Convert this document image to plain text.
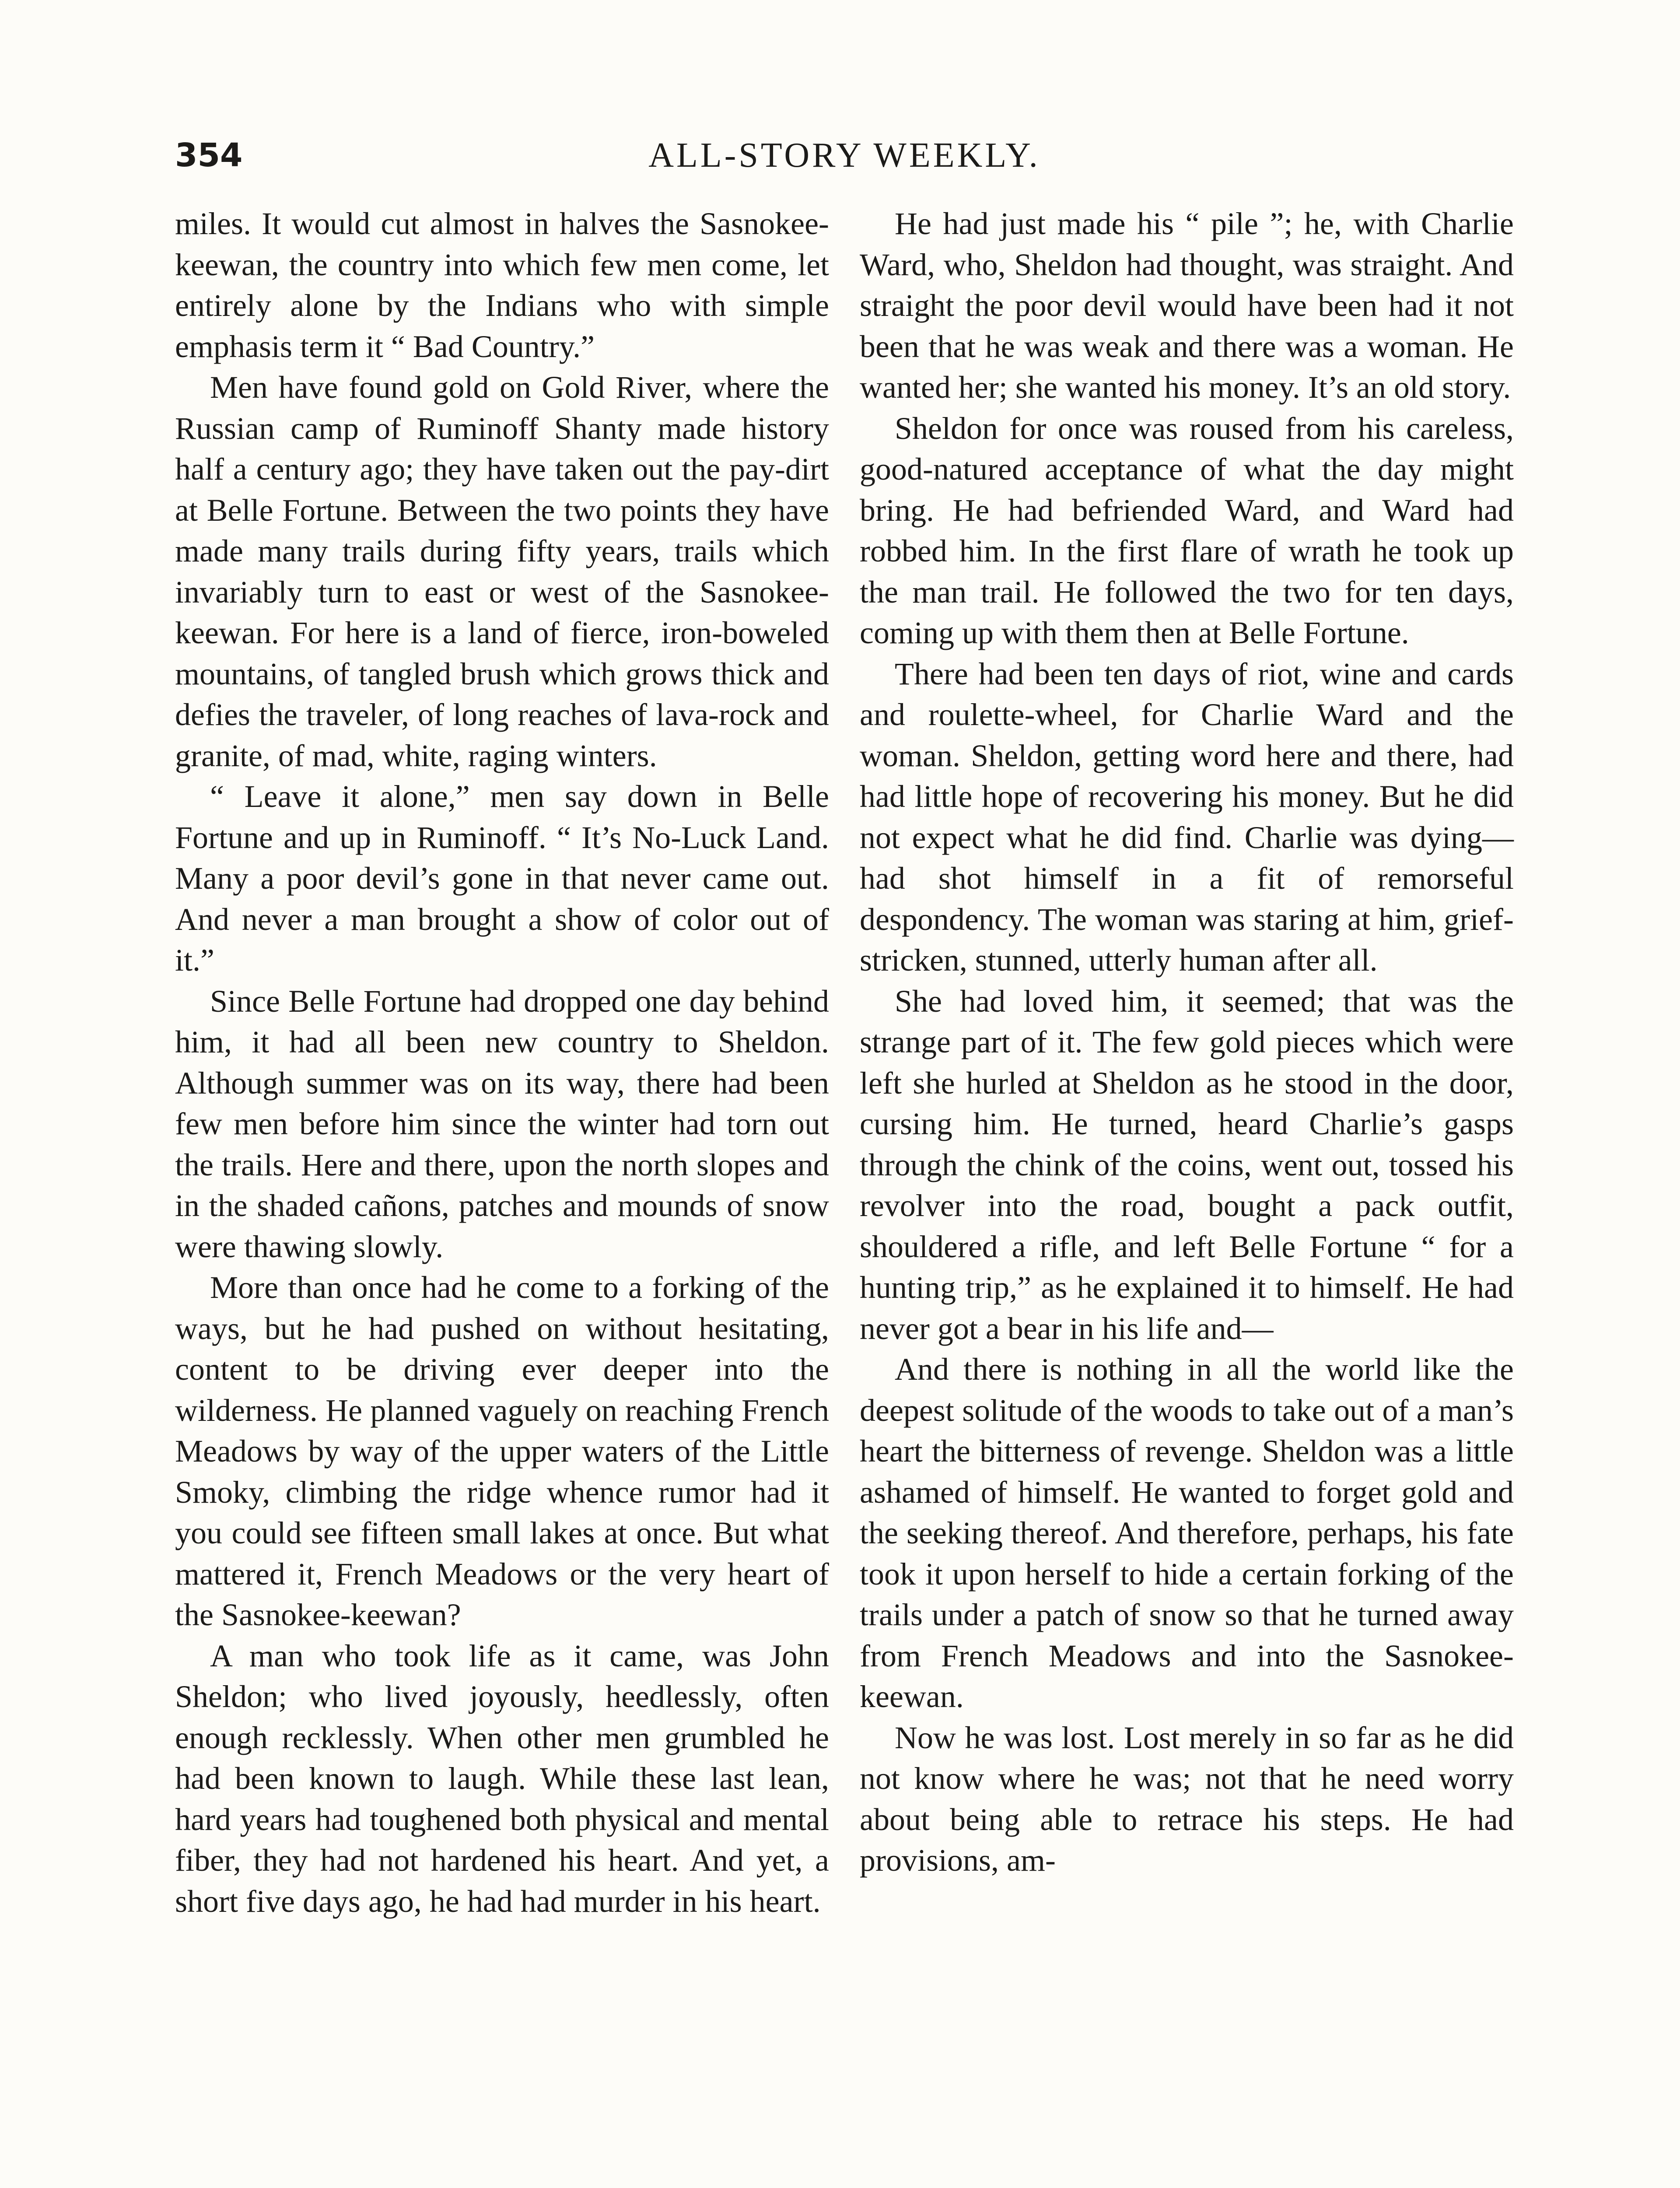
354	ALL-STORY WEEKLY.

miles. It would cut almost in halves the Sasnokee-keewan, the country into which few men come, let entirely alone by the Indians who with simple emphasis term it “ Bad Country.”

Men have found gold on Gold River, where the Russian camp of Ruminoff Shanty made history half a century ago; they have taken out the pay-dirt at Belle Fortune. Between the two points they have made many trails during fifty years, trails which invariably turn to east or west of the Sasnokee-keewan. For here is a land of fierce, iron-boweled mountains, of tangled brush which grows thick and defies the traveler, of long reaches of lava-rock and granite, of mad, white, raging winters.

“ Leave it alone,” men say down in Belle Fortune and up in Ruminoff. “ It’s No-Luck Land. Many a poor devil’s gone in that never came out. And never a man brought a show of color out of it.”

Since Belle Fortune had dropped one day behind him, it had all been new country to Sheldon. Although summer was on its way, there had been few men before him since the winter had torn out the trails. Here and there, upon the north slopes and in the shaded cañons, patches and mounds of snow were thawing slowly.

More than once had he come to a forking of the ways, but he had pushed on without hesitating, content to be driving ever deeper into the wilderness. He planned vaguely on reaching French Meadows by way of the upper waters of the Little Smoky, climbing the ridge whence rumor had it you could see fifteen small lakes at once. But what mattered it, French Meadows or the very heart of the Sasnokee-keewan?

A man who took life as it came, was John Sheldon; who lived joyously, heedlessly, often enough recklessly. When other men grumbled he had been known to laugh. While these last lean, hard years had toughened both physical and mental fiber, they had not hardened his heart. And yet, a short five days ago, he had had murder in his heart.

He had just made his “ pile ”; he, with Charlie Ward, who, Sheldon had thought, was straight. And straight the poor devil would have been had it not been that he was weak and there was a woman. He wanted her; she wanted his money. It’s an old story.

Sheldon for once was roused from his careless, good-natured acceptance of what the day might bring. He had befriended Ward, and Ward had robbed him. In the first flare of wrath he took up the man trail. He followed the two for ten days, coming up with them then at Belle Fortune.

There had been ten days of riot, wine and cards and roulette-wheel, for Charlie Ward and the woman. Sheldon, getting word here and there, had had little hope of recovering his money. But he did not expect what he did find. Charlie was dying—had shot himself in a fit of remorseful despondency. The woman was staring at him, grief-stricken, stunned, utterly human after all.

She had loved him, it seemed; that was the strange part of it. The few gold pieces which were left she hurled at Sheldon as he stood in the door, cursing him. He turned, heard Charlie’s gasps through the chink of the coins, went out, tossed his revolver into the road, bought a pack outfit, shouldered a rifle, and left Belle Fortune “ for a hunting trip,” as he explained it to himself. He had never got a bear in his life and—

And there is nothing in all the world like the deepest solitude of the woods to take out of a man’s heart the bitterness of revenge. Sheldon was a little ashamed of himself. He wanted to forget gold and the seeking thereof. And therefore, perhaps, his fate took it upon herself to hide a certain forking of the trails under a patch of snow so that he turned away from French Meadows and into the Sasnokee-keewan.

Now he was lost. Lost merely in so far as he did not know where he was; not that he need worry about being able to retrace his steps. He had provisions, am-
